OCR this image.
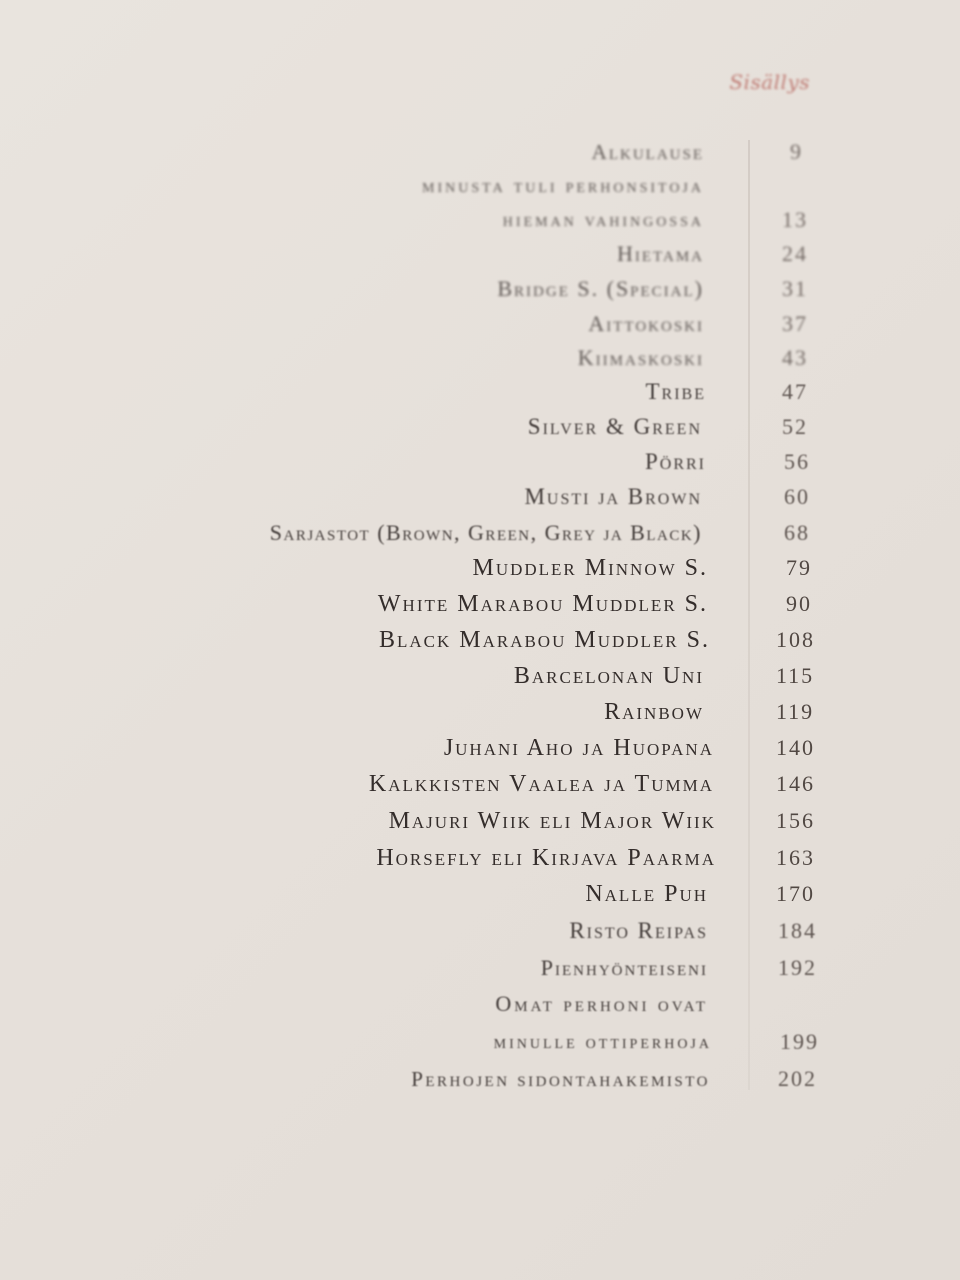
Sisällys
Alkulause	9
minusta tuli perhonsitoja
hieman vahingossa	13
Hietama	24
Bridge S. (Special)	31
Aittokoski	37
Kiimaskoski	43
Tribe	47
Silver & Green	52
Pörri	56
Musti ja Brown	60
Sarjastot (Brown, Green, Grey ja Black)	68
Muddler Minnow S.	79
White Marabou Muddler S.	90
Black Marabou Muddler S.	108
Barcelonan Uni	115
Rainbow	119
Juhani Aho ja Huopana	140
Kalkkisten Vaalea ja Tumma	146
Majuri Wiik eli Major Wiik	156
Horsefly eli Kirjava Paarma	163
Nalle Puh	170
Risto Reipas	184
Pienhyönteiseni	192
Omat perhoni ovat
minulle ottiperhoja	199
Perhojen sidontahakemisto	202
